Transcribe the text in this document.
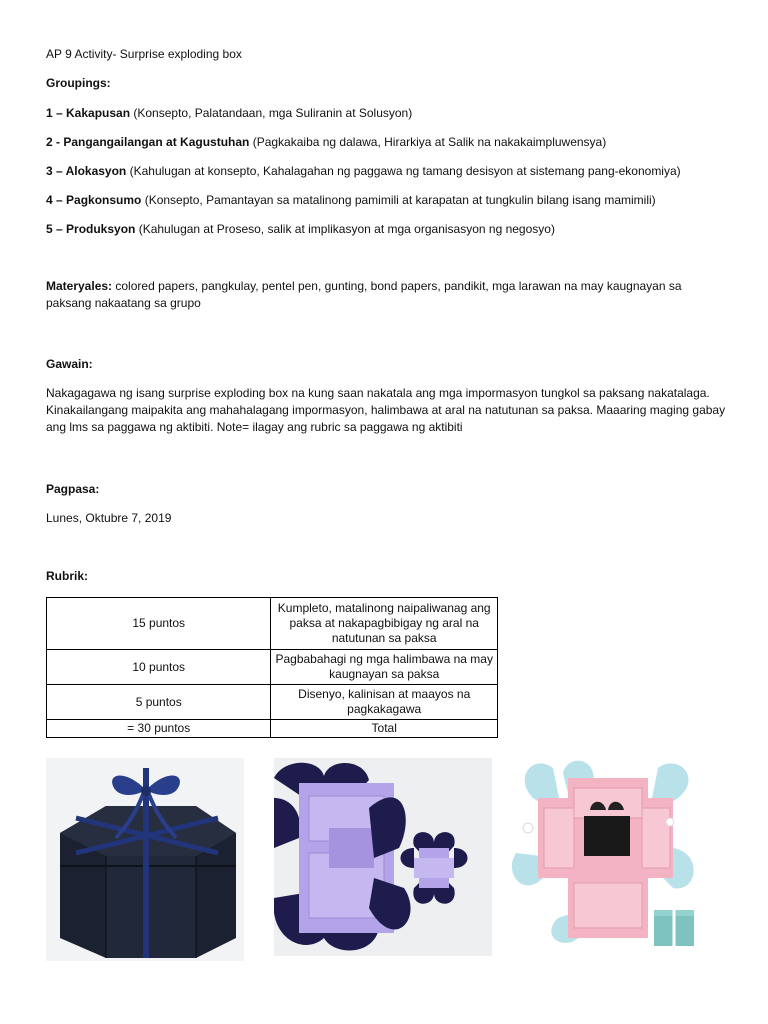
AP 9 Activity- Surprise exploding box
Groupings:
1 – Kakapusan (Konsepto, Palatandaan, mga Suliranin at Solusyon)
2 - Pangangailangan at Kagustuhan (Pagkakaiba ng dalawa, Hirarkiya at Salik na nakakaimpluwensya)
3 – Alokasyon (Kahulugan at konsepto, Kahalagahan ng paggawa ng tamang desisyon at sistemang pang-ekonomiya)
4 – Pagkonsumo (Konsepto, Pamantayan sa matalinong pamimili at karapatan at tungkulin bilang isang mamimili)
5 – Produksyon (Kahulugan at Proseso, salik at implikasyon at mga organisasyon ng negosyo)
Materyales: colored papers, pangkulay, pentel pen, gunting, bond papers, pandikit, mga larawan na may kaugnayan sa paksang nakaatang sa grupo
Gawain:
Nakagagawa ng isang surprise exploding box na kung saan nakatala ang mga impormasyon tungkol sa paksang nakatalaga. Kinakailangang maipakita ang mahahalagang impormasyon, halimbawa at aral na natutunan sa paksa. Maaaring maging gabay ang lms sa paggawa ng aktibiti. Note= ilagay ang rubric sa paggawa ng aktibiti
Pagpasa:
Lunes, Oktubre 7, 2019
Rubrik:
15 puntos	Kumpleto, matalinong naipaliwanag ang paksa at nakapagbibigay ng aral na natutunan sa paksa
10 puntos	Pagbabahagi ng mga halimbawa na may kaugnayan sa paksa
5 puntos	Disenyo, kalinisan at maayos na pagkakagawa
= 30 puntos	Total
